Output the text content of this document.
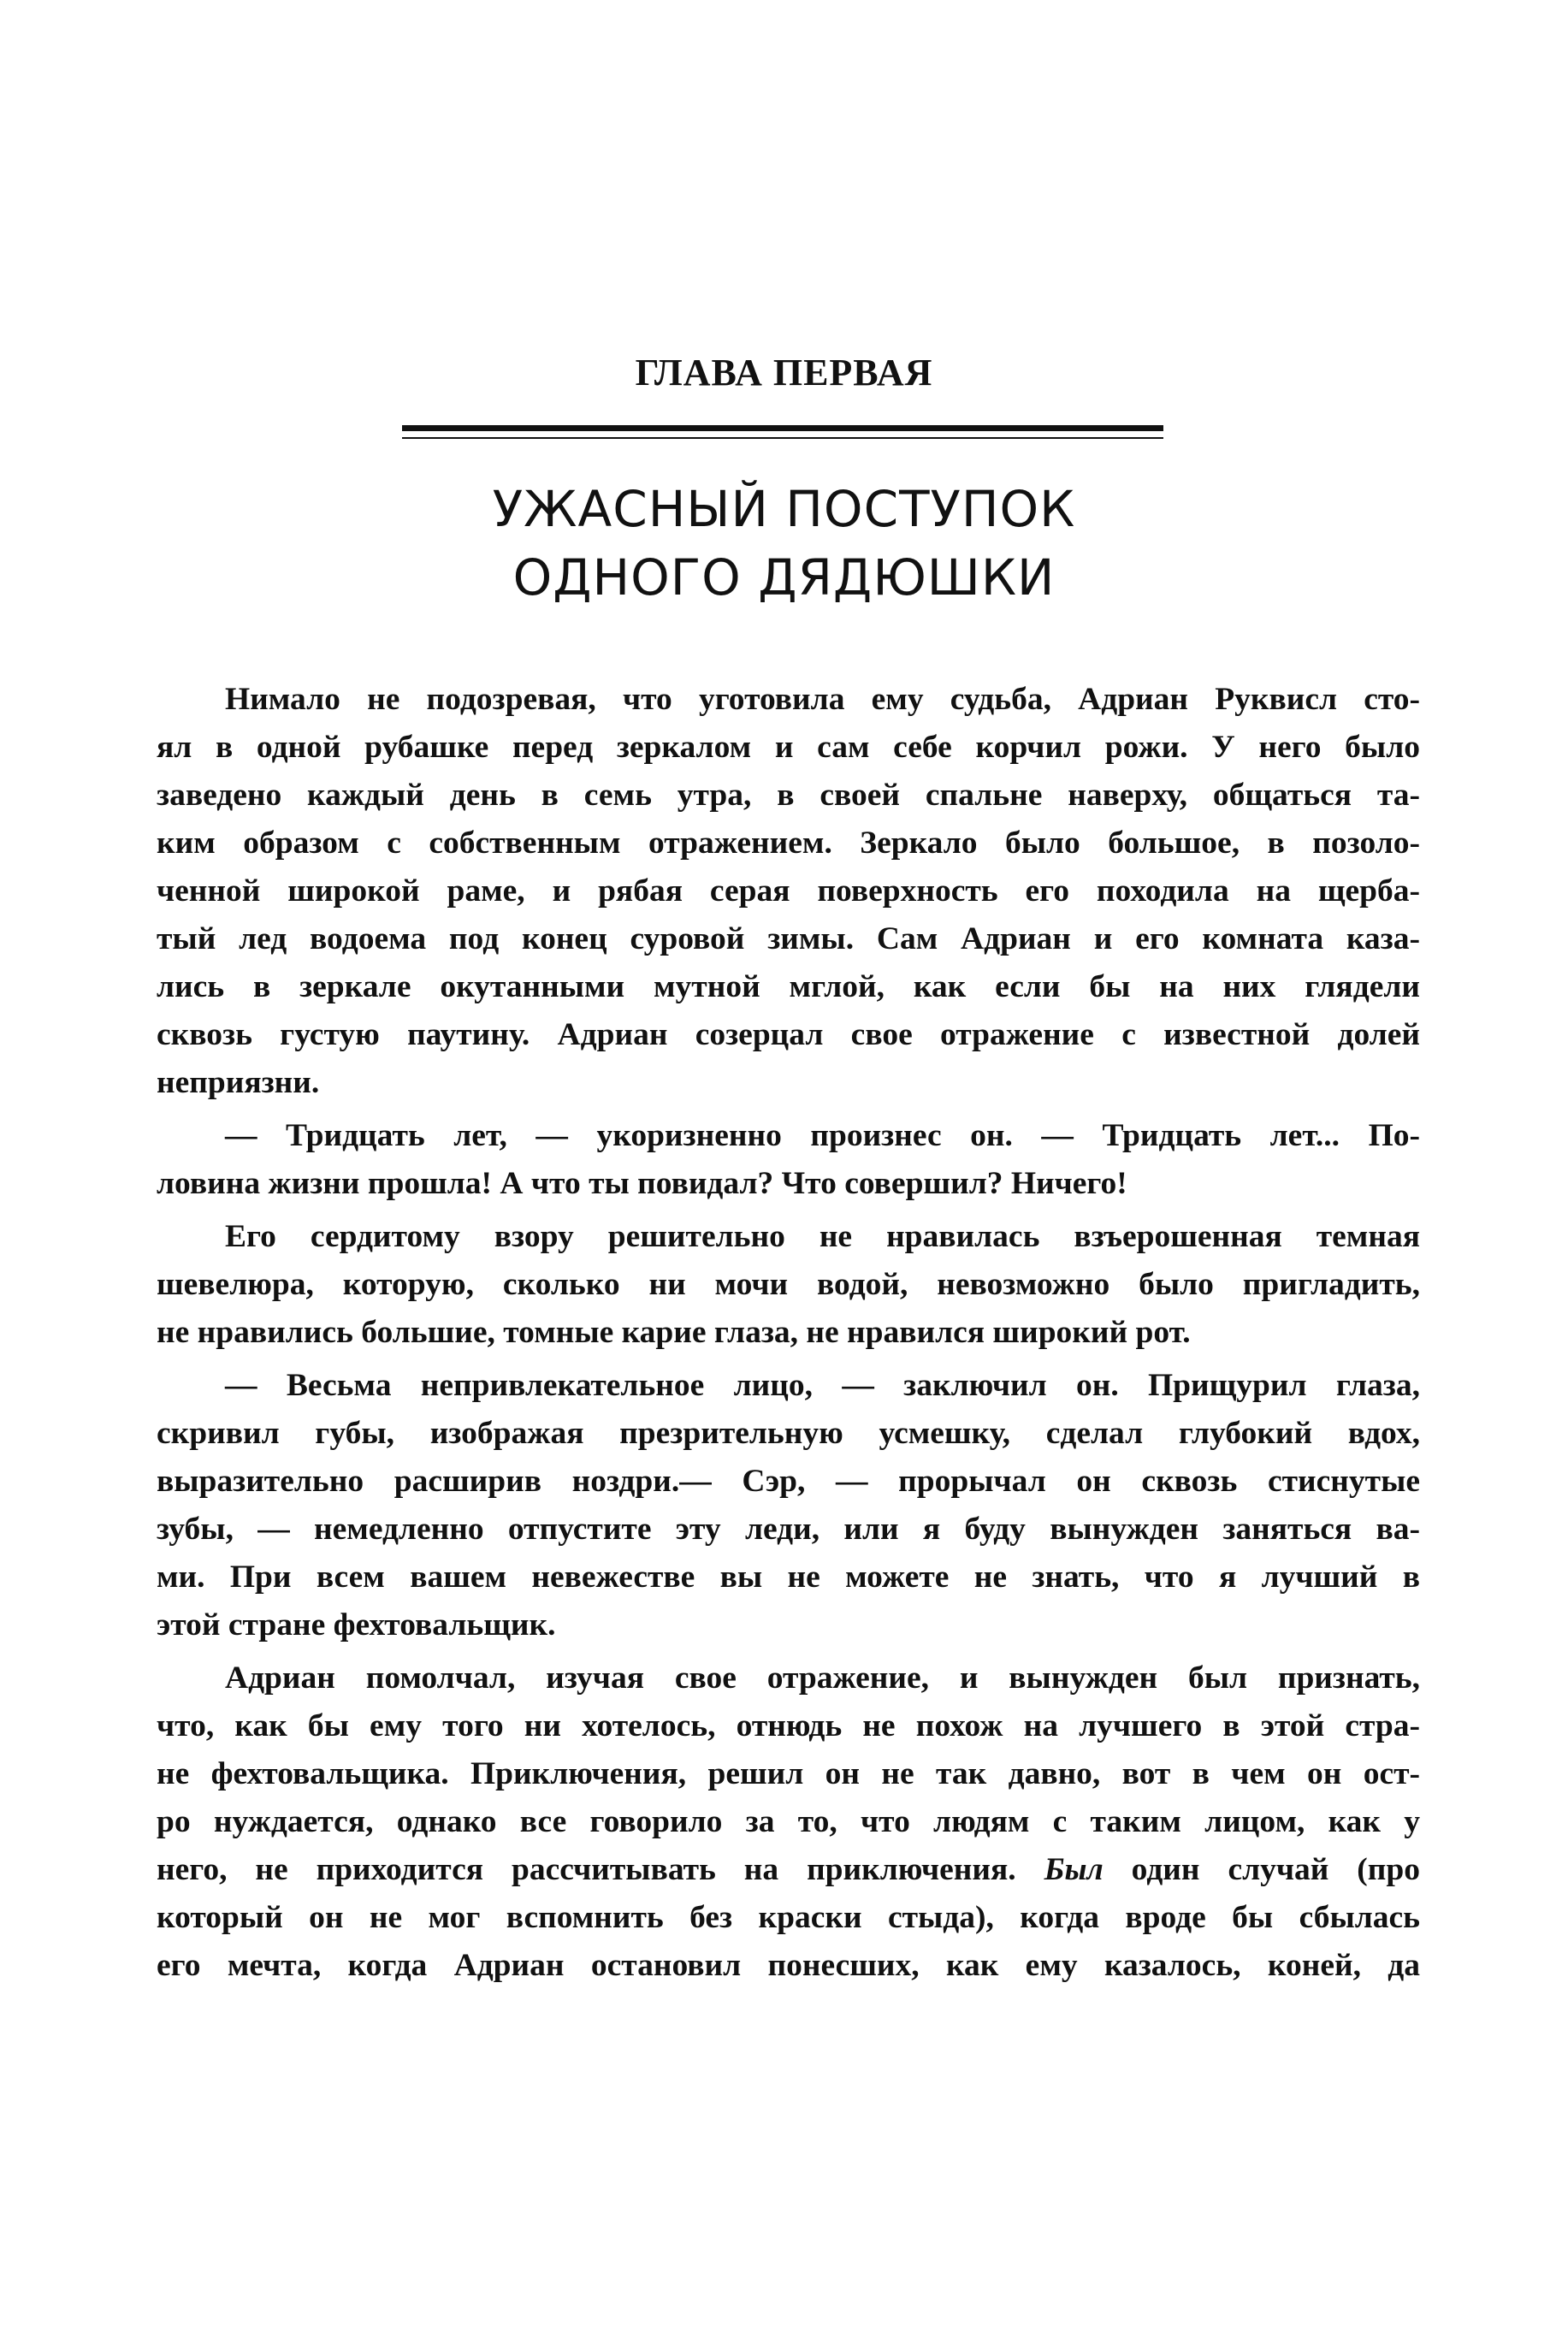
ГЛАВА ПЕРВАЯ
УЖАСНЫЙ ПОСТУПОК
ОДНОГО ДЯДЮШКИ
Нимало не подозревая, что уготовила ему судьба, Адриан Руквисл сто-
ял в одной рубашке перед зеркалом и сам себе корчил рожи. У него было
заведено каждый день в семь утра, в своей спальне наверху, общаться та-
ким образом с собственным отражением. Зеркало было большое, в позоло-
ченной широкой раме, и рябая серая поверхность его походила на щерба-
тый лед водоема под конец суровой зимы. Сам Адриан и его комната каза-
лись в зеркале окутанными мутной мглой, как если бы на них глядели
сквозь густую паутину. Адриан созерцал свое отражение с известной долей
неприязни.
— Тридцать лет, — укоризненно произнес он. — Тридцать лет... По-
ловина жизни прошла! А что ты повидал? Что совершил? Ничего!
Его сердитому взору решительно не нравилась взъерошенная темная
шевелюра, которую, сколько ни мочи водой, невозможно было пригладить,
не нравились большие, томные карие глаза, не нравился широкий рот.
— Весьма непривлекательное лицо, — заключил он. Прищурил глаза,
скривил губы, изображая презрительную усмешку, сделал глубокий вдох,
выразительно расширив ноздри.— Сэр, — прорычал он сквозь стиснутые
зубы, — немедленно отпустите эту леди, или я буду вынужден заняться ва-
ми. При всем вашем невежестве вы не можете не знать, что я лучший в
этой стране фехтовальщик.
Адриан помолчал, изучая свое отражение, и вынужден был признать,
что, как бы ему того ни хотелось, отнюдь не похож на лучшего в этой стра-
не фехтовальщика. Приключения, решил он не так давно, вот в чем он ост-
ро нуждается, однако все говорило за то, что людям с таким лицом, как у
него, не приходится рассчитывать на приключения. Был один случай (про
который он не мог вспомнить без краски стыда), когда вроде бы сбылась
его мечта, когда Адриан остановил понесших, как ему казалось, коней, да
